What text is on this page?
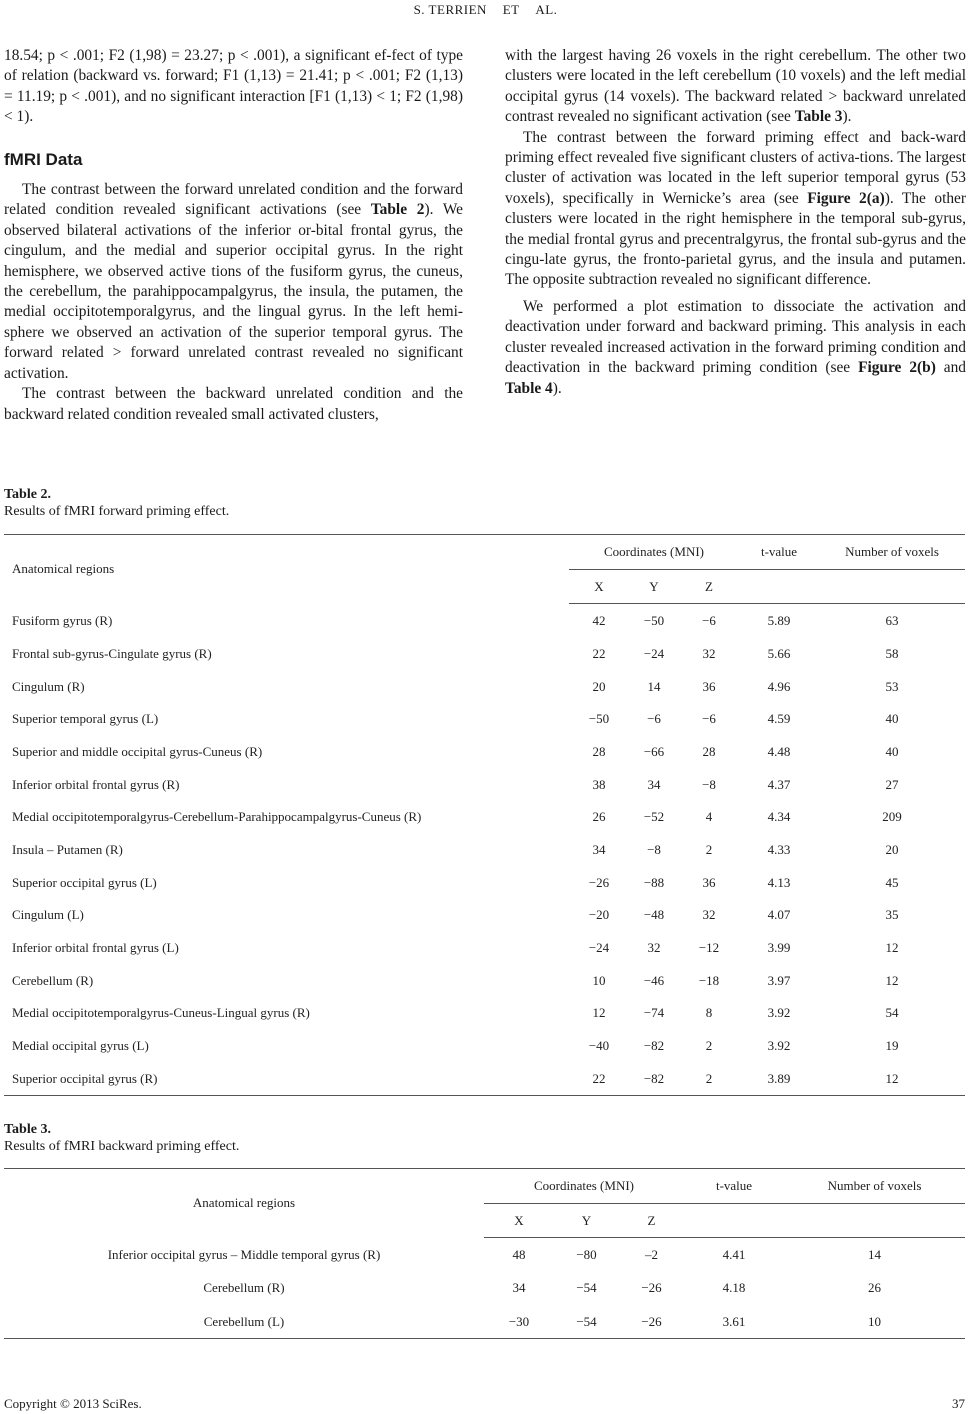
S. TERRIEN ET AL.

18.54; p < .001; F2 (1,98) = 23.27; p < .001), a significant ef-fect of type of relation (backward vs. forward; F1 (1,13) = 21.41; p < .001; F2 (1,13) = 11.19; p < .001), and no significant interaction [F1 (1,13) < 1; F2 (1,98) < 1).

fMRI Data

The contrast between the forward unrelated condition and the forward related condition revealed significant activations (see Table 2). We observed bilateral activations of the inferior or-bital frontal gyrus, the cingulum, and the medial and superior occipital gyrus. In the right hemisphere, we observed active tions of the fusiform gyrus, the cuneus, the cerebellum, the parahippocampalgyrus, the insula, the putamen, the medial occipitotemporalgyrus, and the lingual gyrus. In the left hemi-sphere we observed an activation of the superior temporal gyrus. The forward related > forward unrelated contrast revealed no significant activation.

The contrast between the backward unrelated condition and the backward related condition revealed small activated clusters,

with the largest having 26 voxels in the right cerebellum. The other two clusters were located in the left cerebellum (10 voxels) and the left medial occipital gyrus (14 voxels). The backward related > backward unrelated contrast revealed no significant activation (see Table 3).

The contrast between the forward priming effect and back-ward priming effect revealed five significant clusters of activa-tions. The largest cluster of activation was located in the left superior temporal gyrus (53 voxels), specifically in Wernicke’s area (see Figure 2(a)). The other clusters were located in the right hemisphere in the temporal sub-gyrus, the medial frontal gyrus and precentralgyrus, the frontal sub-gyrus and the cingu-late gyrus, the fronto-parietal gyrus, and the insula and putamen. The opposite subtraction revealed no significant difference.

We performed a plot estimation to dissociate the activation and deactivation under forward and backward priming. This analysis in each cluster revealed increased activation in the forward priming condition and deactivation in the backward priming condition (see Figure 2(b) and Table 4).

Table 2.
Results of fMRI forward priming effect.
Anatomical regions	Coordinates (MNI)			t-value	Number of voxels
	X	Y	Z		
Fusiform gyrus (R)	42	−50	−6	5.89	63
Frontal sub-gyrus-Cingulate gyrus (R)	22	−24	32	5.66	58
Cingulum (R)	20	14	36	4.96	53
Superior temporal gyrus (L)	−50	−6	−6	4.59	40
Superior and middle occipital gyrus-Cuneus (R)	28	−66	28	4.48	40
Inferior orbital frontal gyrus (R)	38	34	−8	4.37	27
Medial occipitotemporalgyrus-Cerebellum-Parahippocampalgyrus-Cuneus (R)	26	−52	4	4.34	209
Insula – Putamen (R)	34	−8	2	4.33	20
Superior occipital gyrus (L)	−26	−88	36	4.13	45
Cingulum (L)	−20	−48	32	4.07	35
Inferior orbital frontal gyrus (L)	−24	32	−12	3.99	12
Cerebellum (R)	10	−46	−18	3.97	12
Medial occipitotemporalgyrus-Cuneus-Lingual gyrus (R)	12	−74	8	3.92	54
Medial occipital gyrus (L)	−40	−82	2	3.92	19
Superior occipital gyrus (R)	22	−82	2	3.89	12
Table 3.
Results of fMRI backward priming effect.
Anatomical regions	Coordinates (MNI)			t-value	Number of voxels
	X	Y	Z		
Inferior occipital gyrus – Middle temporal gyrus (R)	48	−80	–2	4.41	14
Cerebellum (R)	34	−54	−26	4.18	26
Cerebellum (L)	−30	−54	−26	3.61	10
Copyright © 2013 SciRes.	37
